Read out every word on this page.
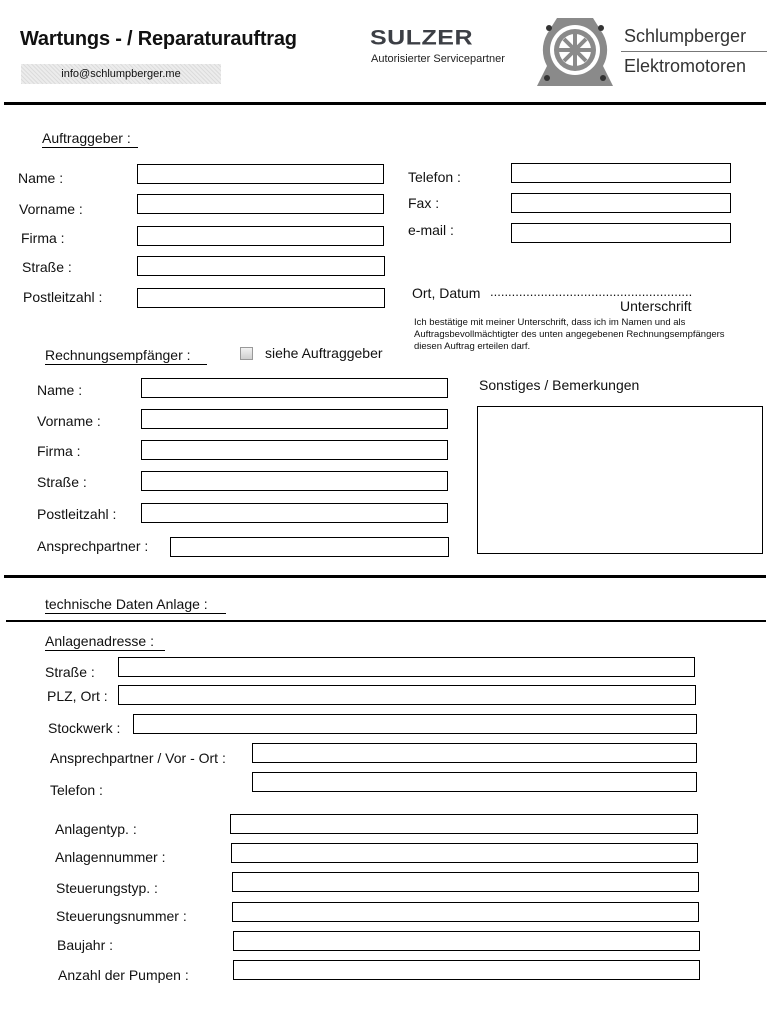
Wartungs - / Reparaturauftrag
info@schlumpberger.me
SULZER
Autorisierter Servicepartner
Schlumpberger
Elektromotoren
Auftraggeber :
Name :
Vorname :
Firma :
Straße :
Postleitzahl :
Telefon :
Fax :
e-mail :
Ort, Datum ........................................................
Unterschrift
Ich bestätige mit meiner Unterschrift, dass ich im Namen und als
Auftragsbevollmächtigter des unten angegebenen Rechnungsempfängers
diesen Auftrag erteilen darf.
Rechnungsempfänger :	siehe Auftraggeber
Name :
Vorname :
Firma :
Straße :
Postleitzahl :
Ansprechpartner :
Sonstiges / Bemerkungen
technische Daten Anlage :
Anlagenadresse :
Straße :
PLZ, Ort :
Stockwerk :
Ansprechpartner / Vor - Ort :
Telefon :
Anlagentyp. :
Anlagennummer :
Steuerungstyp. :
Steuerungsnummer :
Baujahr :
Anzahl der Pumpen :
